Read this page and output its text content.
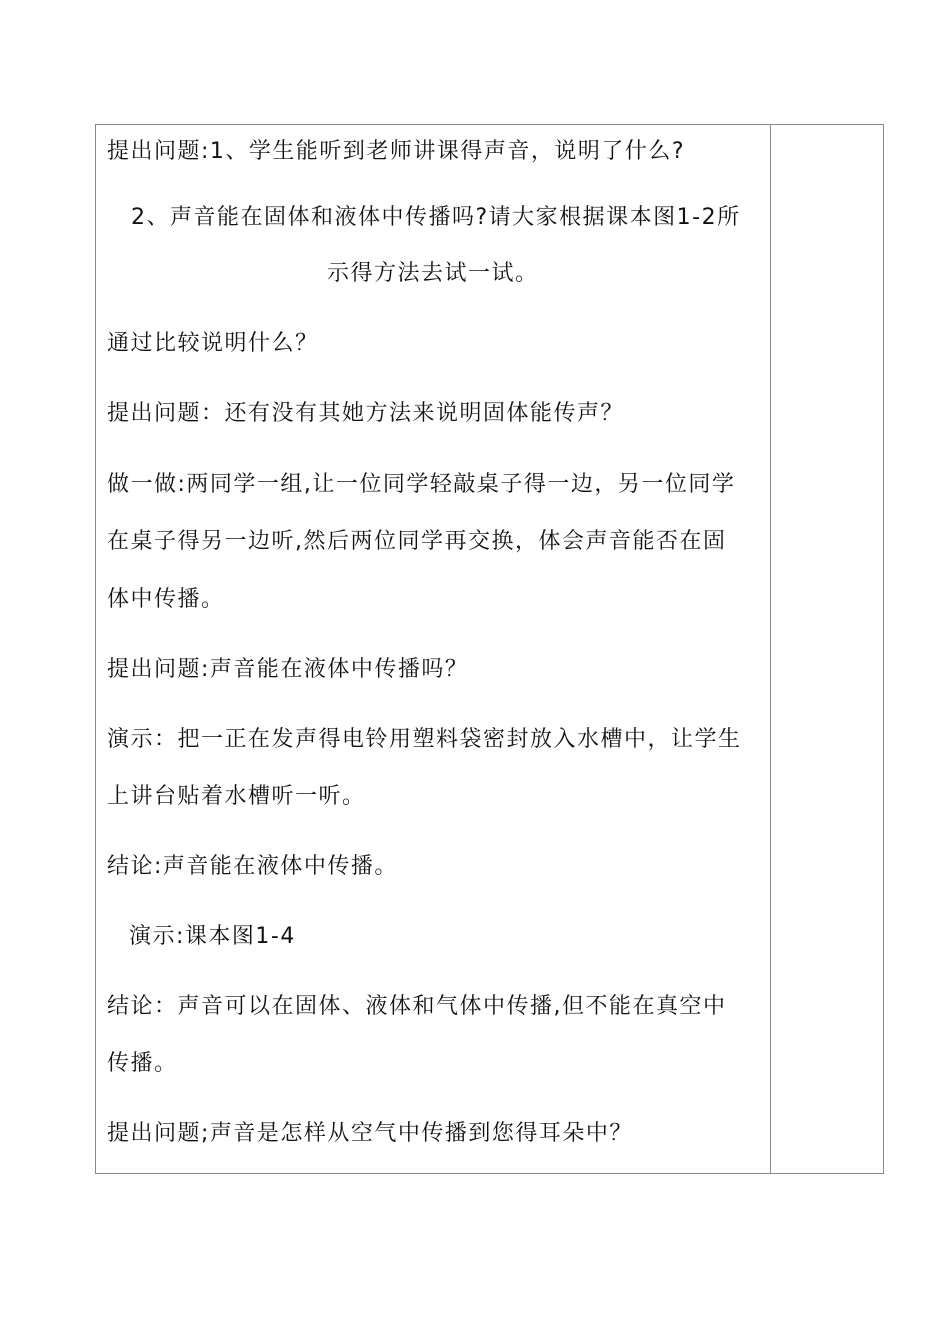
提出问题:1、学生能听到老师讲课得声音，说明了什么?
2、声音能在固体和液体中传播吗?请大家根据课本图1-2所
示得方法去试一试。
通过比较说明什么？
提出问题：还有没有其她方法来说明固体能传声？
做一做:两同学一组,让一位同学轻敲桌子得一边，另一位同学
在桌子得另一边听,然后两位同学再交换，体会声音能否在固
体中传播。
提出问题:声音能在液体中传播吗？
演示：把一正在发声得电铃用塑料袋密封放入水槽中，让学生
上讲台贴着水槽听一听。
结论:声音能在液体中传播。
演示:课本图1-4
结论：声音可以在固体、液体和气体中传播,但不能在真空中
传播。
提出问题;声音是怎样从空气中传播到您得耳朵中？
